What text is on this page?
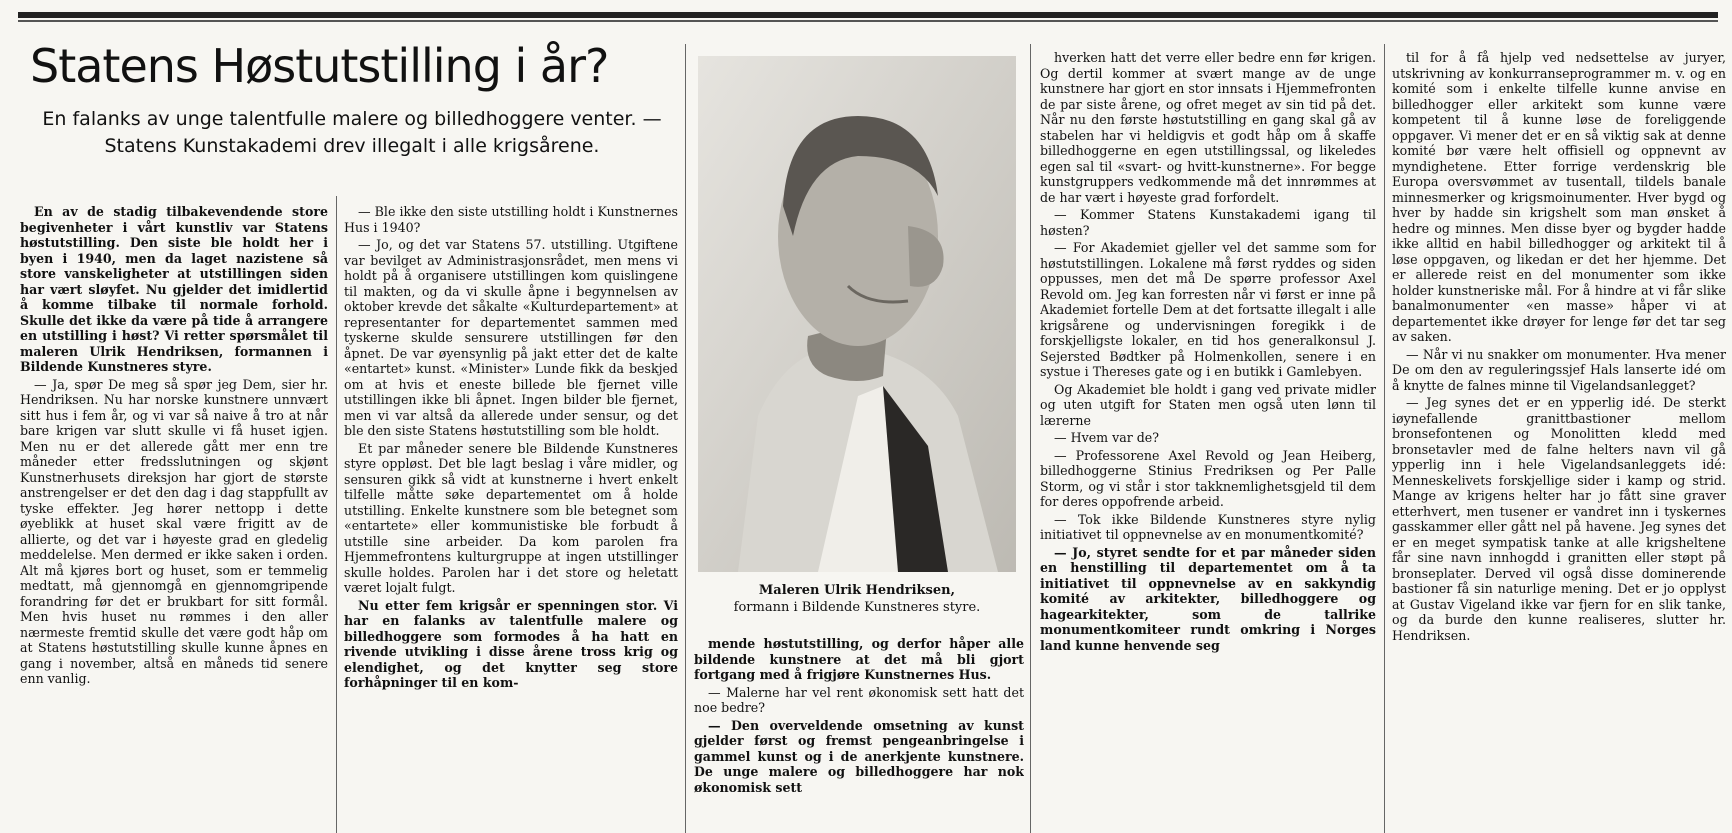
Statens Høstutstilling i år?

En falanks av unge talentfulle malere og billedhoggere venter. — Statens Kunstakademi drev illegalt i alle krigsårene.

En av de stadig tilbakevendende store begivenheter i vårt kunstliv var Statens høstutstilling. Den siste ble holdt her i byen i 1940, men da laget nazistene så store vanskeligheter at utstillingen siden har vært sløyfet. Nu gjelder det imidlertid å komme tilbake til normale forhold. Skulle det ikke da være på tide å arrangere en utstilling i høst? Vi retter spørsmålet til maleren Ulrik Hendriksen, formannen i Bildende Kunstneres styre.

— Ja, spør De meg så spør jeg Dem, sier hr. Hendriksen. Nu har norske kunstnere unnvært sitt hus i fem år, og vi var så naive å tro at når bare krigen var slutt skulle vi få huset igjen. Men nu er det allerede gått mer enn tre måneder etter fredsslutningen og skjønt Kunstnerhusets direksjon har gjort de største anstrengelser er det den dag i dag stappfullt av tyske effekter. Jeg hører nettopp i dette øyeblikk at huset skal være frigitt av de allierte, og det var i høyeste grad en gledelig meddelelse. Men dermed er ikke saken i orden. Alt må kjøres bort og huset, som er temmelig medtatt, må gjennomgå en gjennomgripende forandring før det er brukbart for sitt formål. Men hvis huset nu rømmes i den aller nærmeste fremtid skulle det være godt håp om at Statens høstutstilling skulle kunne åpnes en gang i november, altså en måneds tid senere enn vanlig.

— Ble ikke den siste utstilling holdt i Kunstnernes Hus i 1940?

— Jo, og det var Statens 57. utstilling. Utgiftene var bevilget av Administrasjonsrådet, men mens vi holdt på å organisere utstillingen kom quislingene til makten, og da vi skulle åpne i begynnelsen av oktober krevde det såkalte «Kulturdepartement» at representanter for departementet sammen med tyskerne skulde sensurere utstillingen før den åpnet. De var øyensynlig på jakt etter det de kalte «entartet» kunst. «Minister» Lunde fikk da beskjed om at hvis et eneste billede ble fjernet ville utstillingen ikke bli åpnet. Ingen bilder ble fjernet, men vi var altså da allerede under sensur, og det ble den siste Statens høstutstilling som ble holdt.

Et par måneder senere ble Bildende Kunstneres styre oppløst. Det ble lagt beslag i våre midler, og sensuren gikk så vidt at kunstnerne i hvert enkelt tilfelle måtte søke departementet om å holde utstilling. Enkelte kunstnere som ble betegnet som «entartete» eller kommunistiske ble forbudt å utstille sine arbeider. Da kom parolen fra Hjemmefrontens kulturgruppe at ingen utstillinger skulle holdes. Parolen har i det store og heletatt været lojalt fulgt.

Nu etter fem krigsår er spenningen stor. Vi har en falanks av talentfulle malere og billedhoggere som formodes å ha hatt en rivende utvikling i disse årene tross krig og elendighet, og det knytter seg store forhåpninger til en kom-

Maleren Ulrik Hendriksen,
formann i Bildende Kunstneres styre.

mende høstutstilling, og derfor håper alle bildende kunstnere at det må bli gjort fortgang med å frigjøre Kunstnernes Hus.

— Malerne har vel rent økonomisk sett hatt det noe bedre?

— Den overveldende omsetning av kunst gjelder først og fremst pengeanbringelse i gammel kunst og i de anerkjente kunstnere. De unge malere og billedhoggere har nok økonomisk sett

hverken hatt det verre eller bedre enn før krigen. Og dertil kommer at svært mange av de unge kunstnere har gjort en stor innsats i Hjemmefronten de par siste årene, og ofret meget av sin tid på det. Når nu den første høstutstilling en gang skal gå av stabelen har vi heldigvis et godt håp om å skaffe billedhoggerne en egen utstillingssal, og likeledes egen sal til «svart- og hvitt-kunstnerne». For begge kunstgruppers vedkommende må det innrømmes at de har vært i høyeste grad forfordelt.

— Kommer Statens Kunstakademi igang til høsten?

— For Akademiet gjeller vel det samme som for høstutstillingen. Lokalene må først ryddes og siden oppusses, men det må De spørre professor Axel Revold om. Jeg kan forresten når vi først er inne på Akademiet fortelle Dem at det fortsatte illegalt i alle krigsårene og undervisningen foregikk i de forskjelligste lokaler, en tid hos generalkonsul J. Sejersted Bødtker på Holmenkollen, senere i en systue i Thereses gate og i en butikk i Gamlebyen.

Og Akademiet ble holdt i gang ved private midler og uten utgift for Staten men også uten lønn til lærerne

— Hvem var de?

— Professorene Axel Revold og Jean Heiberg, billedhoggerne Stinius Fredriksen og Per Palle Storm, og vi står i stor takknemlighetsgjeld til dem for deres oppofrende arbeid.

— Tok ikke Bildende Kunstneres styre nylig initiativet til oppnevnelse av en monumentkomité?

— Jo, styret sendte for et par måneder siden en henstilling til departementet om å ta initiativet til oppnevnelse av en sakkyndig komité av arkitekter, billedhoggere og hagearkitekter, som de tallrike monumentkomiteer rundt omkring i Norges land kunne henvende seg

til for å få hjelp ved nedsettelse av juryer, utskrivning av konkurranseprogrammer m. v. og en komité som i enkelte tilfelle kunne anvise en billedhogger eller arkitekt som kunne være kompetent til å kunne løse de foreliggende oppgaver. Vi mener det er en så viktig sak at denne komité bør være helt offisiell og oppnevnt av myndighetene. Etter forrige verdenskrig ble Europa oversvømmet av tusentall, tildels banale minnesmerker og krigsmoinumenter. Hver bygd og hver by hadde sin krigshelt som man ønsket å hedre og minnes. Men disse byer og bygder hadde ikke alltid en habil billedhogger og arkitekt til å løse oppgaven, og likedan er det her hjemme. Det er allerede reist en del monumenter som ikke holder kunstneriske mål. For å hindre at vi får slike banalmonumenter «en masse» håper vi at departementet ikke drøyer for lenge før det tar seg av saken.

— Når vi nu snakker om monumenter. Hva mener De om den av reguleringssjef Hals lanserte idé om å knytte de falnes minne til Vigelandsanlegget?

— Jeg synes det er en ypperlig idé. De sterkt iøynefallende granittbastioner mellom bronsefontenen og Monolitten kledd med bronsetavler med de falne helters navn vil gå ypperlig inn i hele Vigelandsanleggets idé: Menneskelivets forskjellige sider i kamp og strid. Mange av krigens helter har jo fått sine graver etterhvert, men tusener er vandret inn i tyskernes gasskammer eller gått nel på havene. Jeg synes det er en meget sympatisk tanke at alle krigsheltene får sine navn innhogdd i granitten eller støpt på bronseplater. Derved vil også disse dominerende bastioner få sin naturlige mening. Det er jo opplyst at Gustav Vigeland ikke var fjern for en slik tanke, og da burde den kunne realiseres, slutter hr. Hendriksen.
